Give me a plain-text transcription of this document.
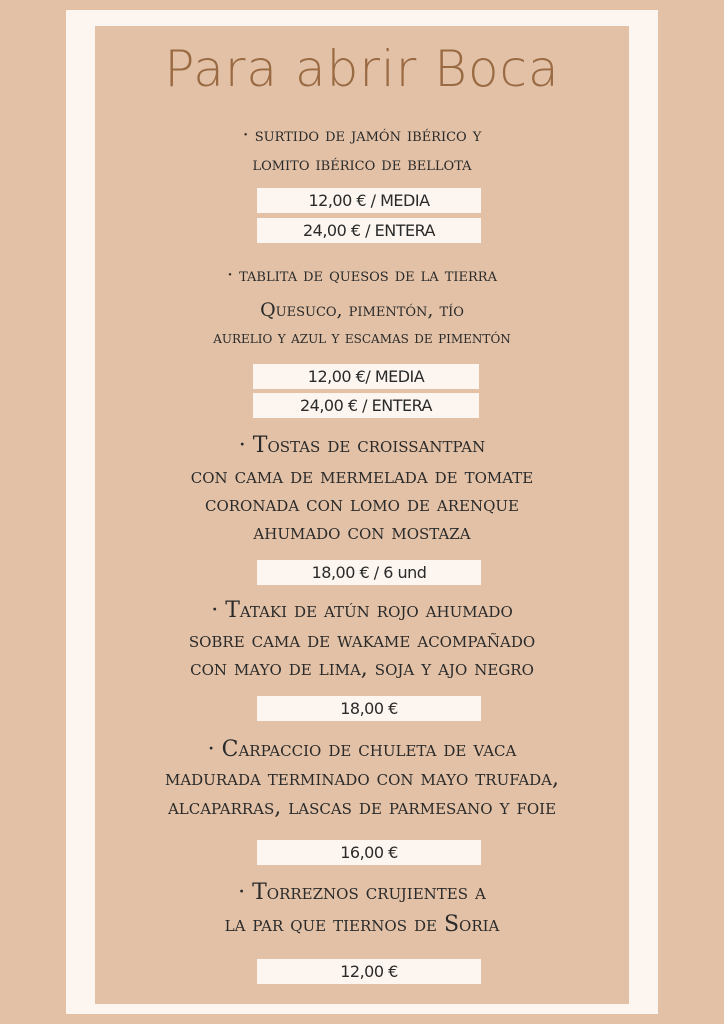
Para abrir Boca
· surtido de jamón ibérico y
lomito ibérico de bellota
12,00 € / MEDIA
24,00 € / ENTERA
· tablita de quesos de la tierra
Quesuco, pimentón, tío
aurelio y azul y escamas de pimentón
12,00 €/ MEDIA
24,00 € / ENTERA
· Tostas de croissantpan
con cama de mermelada de tomate
coronada con lomo de arenque
ahumado con mostaza
18,00 € / 6 und
· Tataki de atún rojo ahumado
sobre cama de wakame acompañado
con mayo de lima, soja y ajo negro
18,00 €
· Carpaccio de chuleta de vaca
madurada terminado con mayo trufada,
alcaparras, lascas de parmesano y foie
16,00 €
· Torreznos crujientes a
la par que tiernos de Soria
12,00 €
